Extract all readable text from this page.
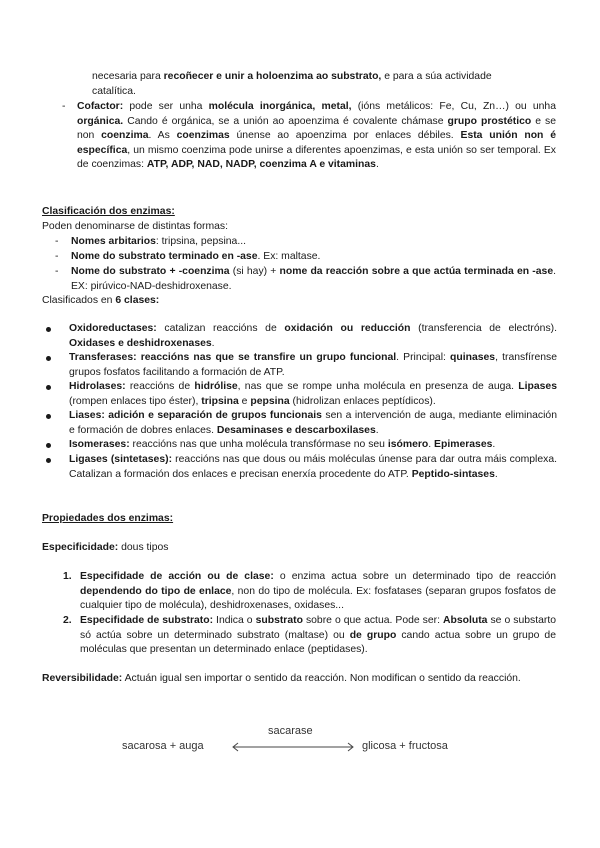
necesaria para recoñecer e unir a holoenzima ao substrato, e para a súa actividade
catalítica.
- Cofactor: pode ser unha molécula inorgánica, metal, (ións metálicos: Fe, Cu, Zn…) ou unha orgánica. Cando é orgánica, se a unión ao apoenzima é covalente chámase grupo prostético e se non coenzima. As coenzimas únense ao apoenzima por enlaces débiles. Esta unión non é específica, un mismo coenzima pode unirse a diferentes apoenzimas, e esta unión so ser temporal. Ex de coenzimas: ATP, ADP, NAD, NADP, coenzima A e vitaminas.
Clasificación dos enzimas:
Poden denominarse de distintas formas:
- Nomes arbitarios: tripsina, pepsina...
- Nome do substrato terminado en -ase. Ex: maltase.
- Nome do substrato + -coenzima (si hay) + nome da reacción sobre a que actúa terminada en -ase. EX: pirúvico-NAD-deshidroxenase.
Clasificados en 6 clases:
Oxidoreductases: catalizan reaccións de oxidación ou reducción (transferencia de electróns). Oxidases e deshidroxenases.
Transferases: reaccións nas que se transfire un grupo funcional. Principal: quinases, transfírense grupos fosfatos facilitando a formación de ATP.
Hidrolases: reaccións de hidrólise, nas que se rompe unha molécula en presenza de auga. Lipases (rompen enlaces tipo éster), tripsina e pepsina (hidrolizan enlaces peptídicos).
Liases: adición e separación de grupos funcionais sen a intervención de auga, mediante eliminación e formación de dobres enlaces. Desaminases e descarboxilases.
Isomerases: reaccións nas que unha molécula transfórmase no seu isómero. Epimerases.
Ligases (sintetases): reaccións nas que dous ou máis moléculas únense para dar outra máis complexa. Catalizan a formación dos enlaces e precisan enerxía procedente do ATP. Peptido-sintases.
Propiedades dos enzimas:
Especificidade: dous tipos
1. Especifidade de acción ou de clase: o enzima actua sobre un determinado tipo de reacción dependendo do tipo de enlace, non do tipo de molécula. Ex: fosfatases (separan grupos fosfatos de cualquier tipo de molécula), deshidroxenases, oxidases...
2. Especifidade de substrato: Indica o substrato sobre o que actua. Pode ser: Absoluta se o substarto só actúa sobre un determinado substrato (maltase) ou de grupo cando actua sobre un grupo de moléculas que presentan un determinado enlace (peptidases).
Reversibilidade: Actuán igual sen importar o sentido da reacción. Non modifican o sentido da reacción.
sacarase
sacarosa + auga	glicosa + fructosa
